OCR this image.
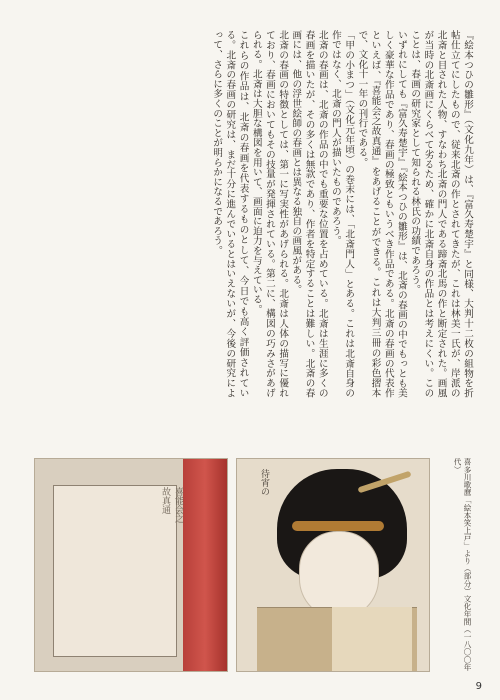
『絵本つひの雛形』（文化九年）は、『富久寿楚宇』と同様、大判十二枚の組物を折帖仕立てにしたもので、従来北斎の作とされてきたが、これは林美一氏が、岸派の北斎と目された人物、すなわち北斎の門人である蹄斎北馬の作と断定された。画風が当時の北斎画にくらべて劣るため、確かに北斎自身の作品とは考えにくい。このことは、春画の研究家として知られる林氏の功績であろう。

いずれにしても『富久寿楚宇』『絵本つひの雛形』は、北斎の春画の中でもっとも美しく豪華な作品であり、春画の極致ともいうべき作品である。北斎の春画の代表作といえば、『喜能会之故真通』をあげることができる。これは大判三冊の彩色摺本で、文化十一年の刊行である。

「甲の小まつ」（文化元年頃）の巻末には、「北斎門人」とある。これは北斎自身の作ではなく、北斎の門人が描いたものであろう。

北斎の春画は、北斎の作品の中でも重要な位置を占めている。北斎は生涯に多くの春画を描いたが、その多くは無款であり、作者を特定することは難しい。北斎の春画には、他の浮世絵師の春画とは異なる独自の画風がある。

北斎の春画の特徴としては、第一に写実性があげられる。北斎は人体の描写に優れており、春画においてもその技量が発揮されている。第二に、構図の巧みさがあげられる。北斎は大胆な構図を用いて、画面に迫力を与えている。

これらの作品は、北斎の春画を代表するものとして、今日でも高く評価されている。北斎の春画の研究は、まだ十分に進んでいるとはいえないが、今後の研究によって、さらに多くのことが明らかになるであろう。

喜能会之故真通
待宵の	喜多川歌麿「絵本笑上戸」より（部分）文化年間（一八〇〇年代）
9
